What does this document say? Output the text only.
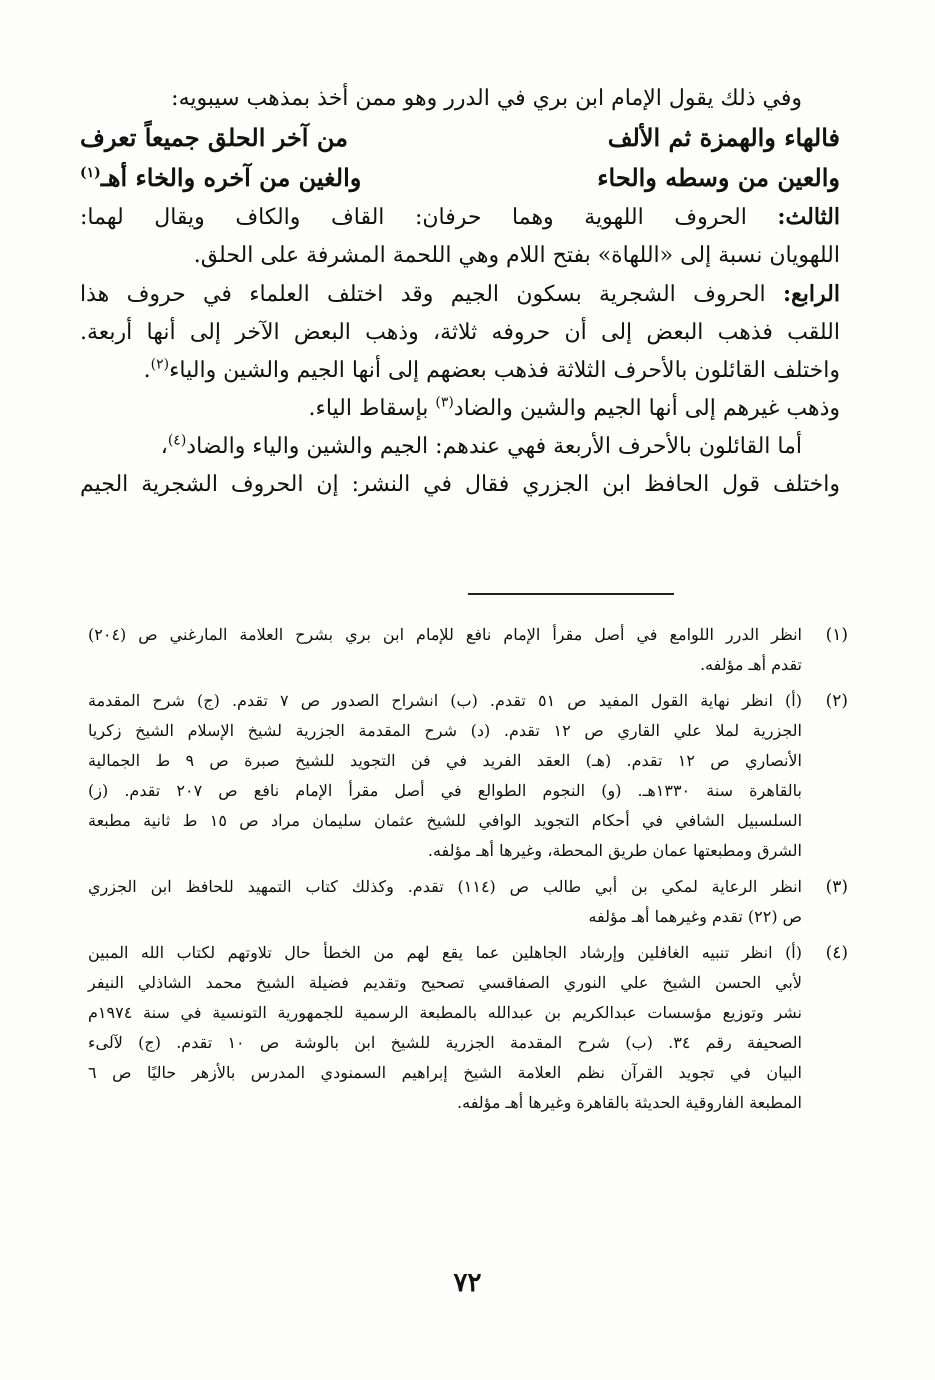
وفي ذلك يقول الإمام ابن بري في الدرر وهو ممن أخذ بمذهب سيبويه:
فالهاء والهمزة ثم الألف
من آخر الحلق جميعاً تعرف
والعين من وسطه والحاء
والغين من آخره والخاء أهـ$^{(١)}$
الثالث: الحروف اللهوية وهما حرفان: القاف والكاف ويقال لهما:
اللهويان نسبة إلى «اللهاة» بفتح اللام وهي اللحمة المشرفة على الحلق.
الرابع: الحروف الشجرية بسكون الجيم وقد اختلف العلماء في حروف هذا
اللقب فذهب البعض إلى أن حروفه ثلاثة، وذهب البعض الآخر إلى أنها أربعة.
واختلف القائلون بالأحرف الثلاثة فذهب بعضهم إلى أنها الجيم والشين والياء$^{(٢)}$.
وذهب غيرهم إلى أنها الجيم والشين والضاد$^{(٣)}$ بإسقاط الياء.
أما القائلون بالأحرف الأربعة فهي عندهم: الجيم والشين والياء والضاد$^{(٤)}$،
واختلف قول الحافظ ابن الجزري فقال في النشر: إن الحروف الشجرية الجيم
(١)
انظر الدرر اللوامع في أصل مقرأ الإمام نافع للإمام ابن بري بشرح العلامة المارغني ص (٢٠٤)
تقدم أهـ مؤلفه.
(٢)
(أ) انظر نهاية القول المفيد ص ٥١ تقدم. (ب) انشراح الصدور ص ٧ تقدم. (ج) شرح المقدمة
الجزرية لملا علي القاري ص ١٢ تقدم. (د) شرح المقدمة الجزرية لشيخ الإسلام الشيخ زكريا
الأنصاري ص ١٢ تقدم. (هـ) العقد الفريد في فن التجويد للشيخ صبرة ص ٩ ط الجمالية
بالقاهرة سنة ١٣٣٠هـ. (و) النجوم الطوالع في أصل مقرأ الإمام نافع ص ٢٠٧ تقدم. (ز)
السلسبيل الشافي في أحكام التجويد الوافي للشيخ عثمان سليمان مراد ص ١٥ ط ثانية مطبعة
الشرق ومطبعتها عمان طريق المحطة، وغيرها أهـ مؤلفه.
(٣)
انظر الرعاية لمكي بن أبي طالب ص (١١٤) تقدم. وكذلك كتاب التمهيد للحافظ ابن الجزري
ص (٢٢) تقدم وغيرهما أهـ مؤلفه
(٤)
(أ) انظر تنبيه الغافلين وإرشاد الجاهلين عما يقع لهم من الخطأ حال تلاوتهم لكتاب الله المبين
لأبي الحسن الشيخ علي النوري الصفاقسي تصحيح وتقديم فضيلة الشيخ محمد الشاذلي النيفر
نشر وتوزيع مؤسسات عبدالكريم بن عبدالله بالمطبعة الرسمية للجمهورية التونسية في سنة ١٩٧٤م
الصحيفة رقم ٣٤. (ب) شرح المقدمة الجزرية للشيخ ابن بالوشة ص ١٠ تقدم. (ج) لآلىء
البيان في تجويد القرآن نظم العلامة الشيخ إبراهيم السمنودي المدرس بالأزهر حاليًا ص ٦
المطبعة الفاروقية الحديثة بالقاهرة وغيرها أهـ مؤلفه.
٧٢
